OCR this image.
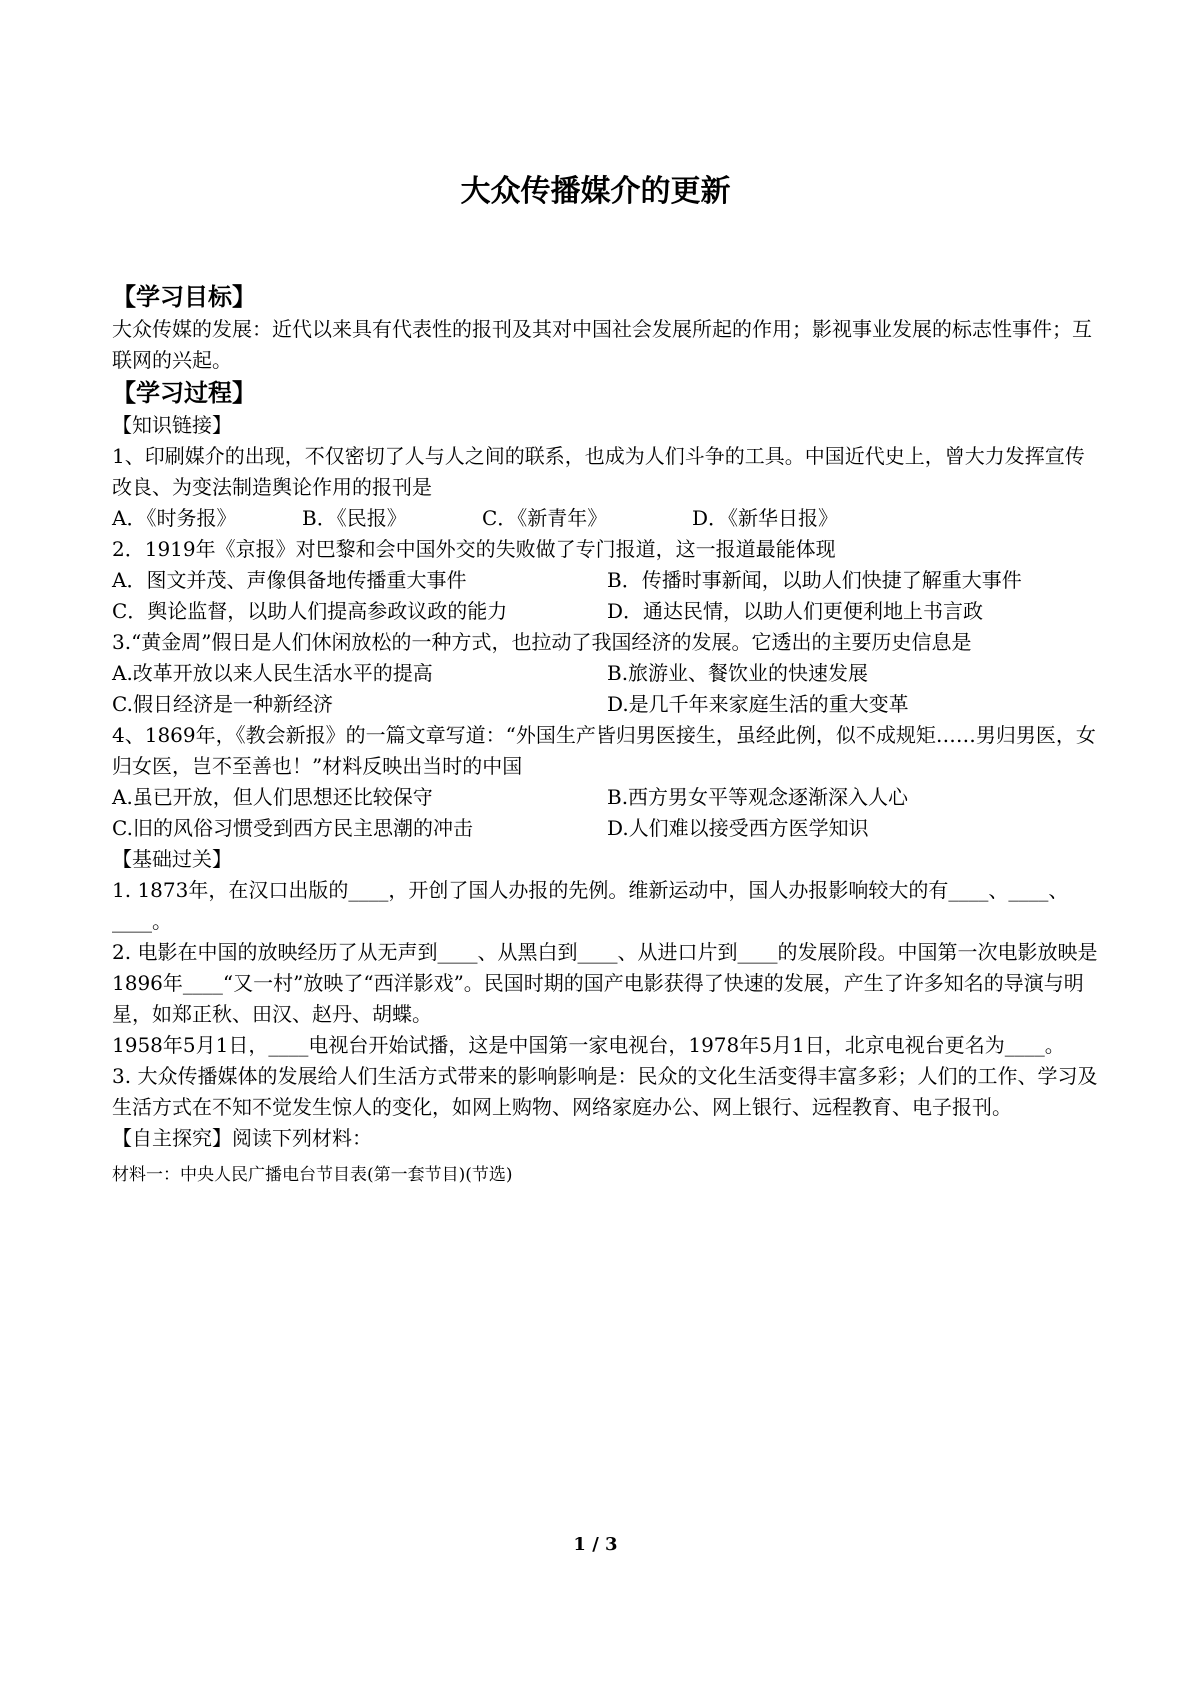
大众传播媒介的更新
【学习目标】

大众传媒的发展：近代以来具有代表性的报刊及其对中国社会发展所起的作用；影视事业发展的标志性事件；互联网的兴起。

【学习过程】
【知识链接】

1、印刷媒介的出现，不仅密切了人与人之间的联系，也成为人们斗争的工具。中国近代史上，曾大力发挥宣传改良、为变法制造舆论作用的报刊是

A．《时务报》	B．《民报》	C．《新青年》	D．《新华日报》

2．1919年《京报》对巴黎和会中国外交的失败做了专门报道，这一报道最能体现

A．图文并茂、声像俱备地传播重大事件	B．传播时事新闻，以助人们快捷了解重大事件
C．舆论监督，以助人们提高参政议政的能力	D．通达民情，以助人们更便利地上书言政

3.“黄金周”假日是人们休闲放松的一种方式，也拉动了我国经济的发展。它透出的主要历史信息是

A.改革开放以来人民生活水平的提高	B.旅游业、餐饮业的快速发展
C.假日经济是一种新经济	D.是几千年来家庭生活的重大变革

4、1869年，《教会新报》的一篇文章写道：“外国生产皆归男医接生，虽经此例，似不成规矩……男归男医，女归女医，岂不至善也！”材料反映出当时的中国

A.虽已开放，但人们思想还比较保守	B.西方男女平等观念逐渐深入人心
C.旧的风俗习惯受到西方民主思潮的冲击	D.人们难以接受西方医学知识
【基础过关】

1. 1873年，在汉口出版的____，开创了国人办报的先例。维新运动中，国人办报影响较大的有____、____、____。

2. 电影在中国的放映经历了从无声到____、从黑白到____、从进口片到____的发展阶段。中国第一次电影放映是1896年____“又一村”放映了“西洋影戏”。民国时期的国产电影获得了快速的发展，产生了许多知名的导演与明星，如郑正秋、田汉、赵丹、胡蝶。

1958年5月1日，____电视台开始试播，这是中国第一家电视台，1978年5月1日，北京电视台更名为____。

3. 大众传播媒体的发展给人们生活方式带来的影响影响是：民众的文化生活变得丰富多彩；人们的工作、学习及生活方式在不知不觉发生惊人的变化，如网上购物、网络家庭办公、网上银行、远程教育、电子报刊。

【自主探究】阅读下列材料：
材料一：中央人民广播电台节目表(第一套节目)(节选)
1 / 3
